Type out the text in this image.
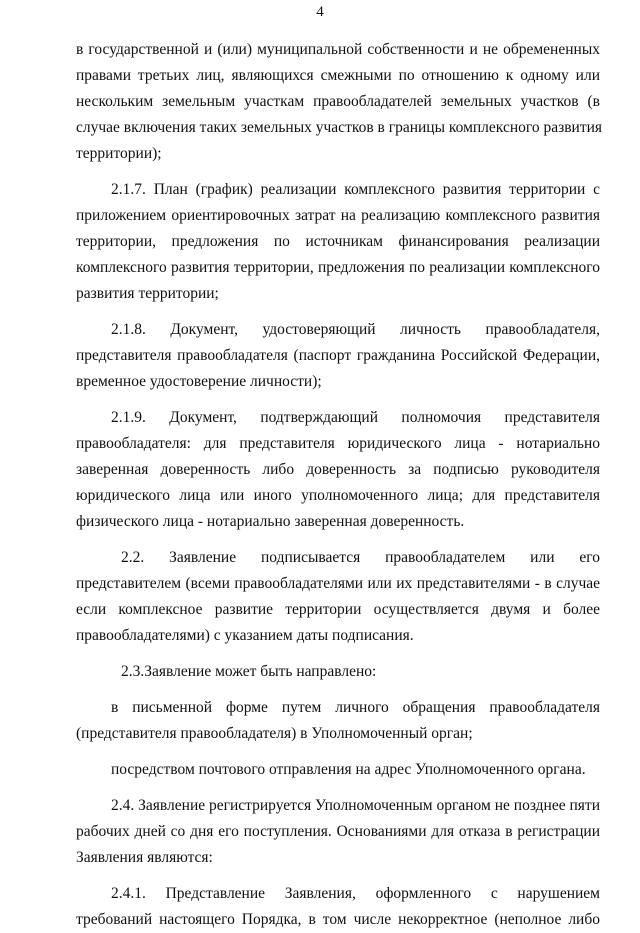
4
в государственной и (или) муниципальной собственности и не обремененных
правами третьих лиц, являющихся смежными по отношению к одному или
нескольким земельным участкам правообладателей земельных участков (в
случае включения таких земельных участков в границы комплексного развития
территории);
2.1.7. План (график) реализации комплексного развития территории с
приложением ориентировочных затрат на реализацию комплексного развития
территории, предложения по источникам финансирования реализации
комплексного развития территории, предложения по реализации комплексного
развития территории;
2.1.8. Документ, удостоверяющий личность правообладателя,
представителя правообладателя (паспорт гражданина Российской Федерации,
временное удостоверение личности);
2.1.9. Документ, подтверждающий полномочия представителя
правообладателя: для представителя юридического лица - нотариально
заверенная доверенность либо доверенность за подписью руководителя
юридического лица или иного уполномоченного лица; для представителя
физического лица - нотариально заверенная доверенность.
2.2. Заявление подписывается правообладателем или его
представителем (всеми правообладателями или их представителями - в случае
если комплексное развитие территории осуществляется двумя и более
правообладателями) с указанием даты подписания.
2.3.Заявление может быть направлено:
в письменной форме путем личного обращения правообладателя
(представителя правообладателя) в Уполномоченный орган;
посредством почтового отправления на адрес Уполномоченного органа.
2.4. Заявление регистрируется Уполномоченным органом не позднее пяти
рабочих дней со дня его поступления. Основаниями для отказа в регистрации
Заявления являются:
2.4.1. Представление Заявления, оформленного с нарушением
требований настоящего Порядка, в том числе некорректное (неполное либо
